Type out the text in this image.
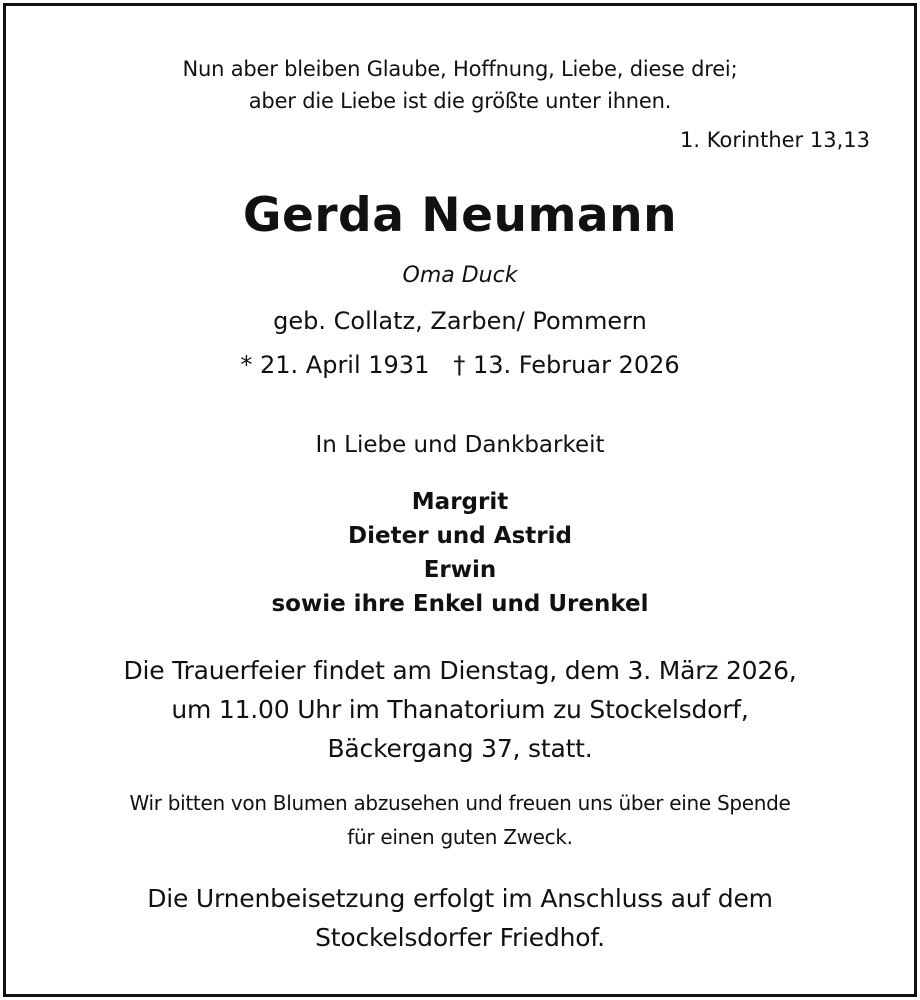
Nun aber bleiben Glaube, Hoffnung, Liebe, diese drei;
aber die Liebe ist die größte unter ihnen.
1. Korinther 13,13
Gerda Neumann
Oma Duck
geb. Collatz, Zarben/ Pommern
* 21. April 1931 † 13. Februar 2026
In Liebe und Dankbarkeit
Margrit
Dieter und Astrid
Erwin
sowie ihre Enkel und Urenkel
Die Trauerfeier findet am Dienstag, dem 3. März 2026,
um 11.00 Uhr im Thanatorium zu Stockelsdorf,
Bäckergang 37, statt.
Wir bitten von Blumen abzusehen und freuen uns über eine Spende
für einen guten Zweck.
Die Urnenbeisetzung erfolgt im Anschluss auf dem
Stockelsdorfer Friedhof.
